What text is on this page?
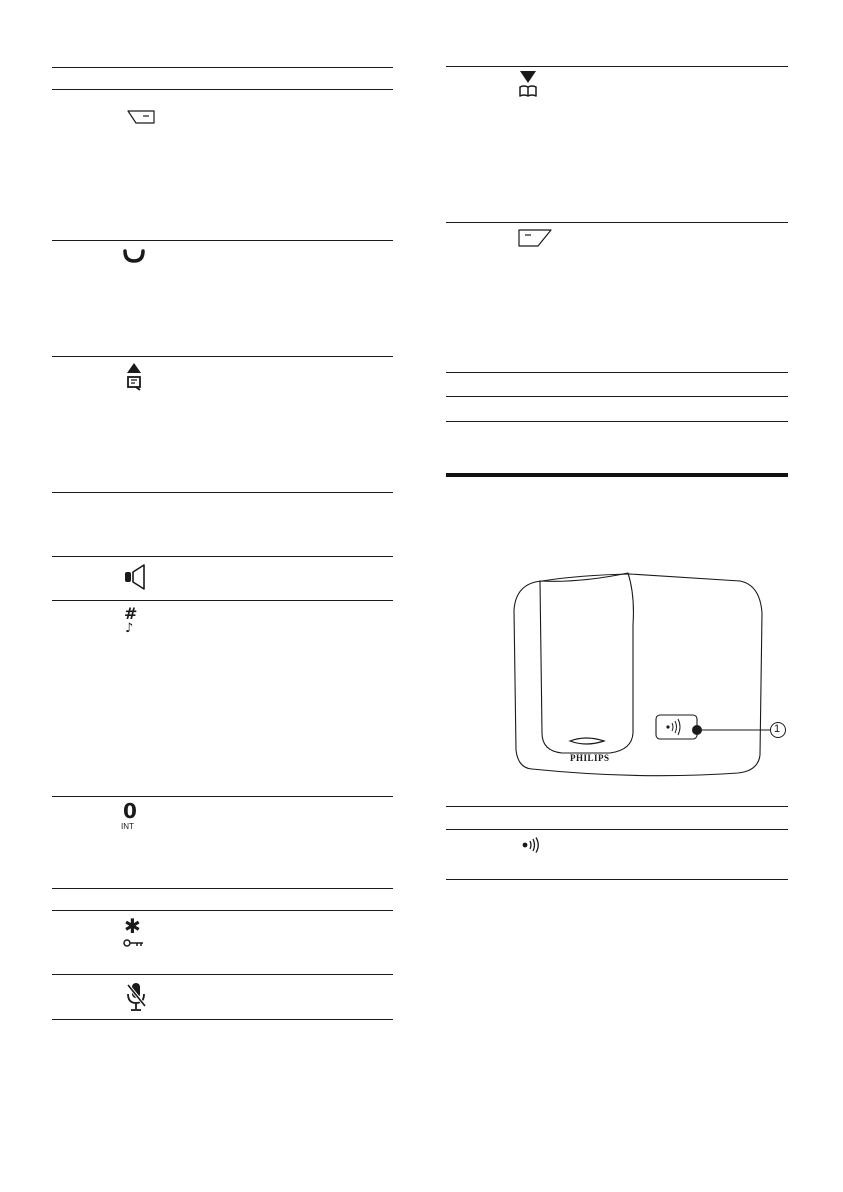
#
♪
0
INT
✱
PHILIPS
1
